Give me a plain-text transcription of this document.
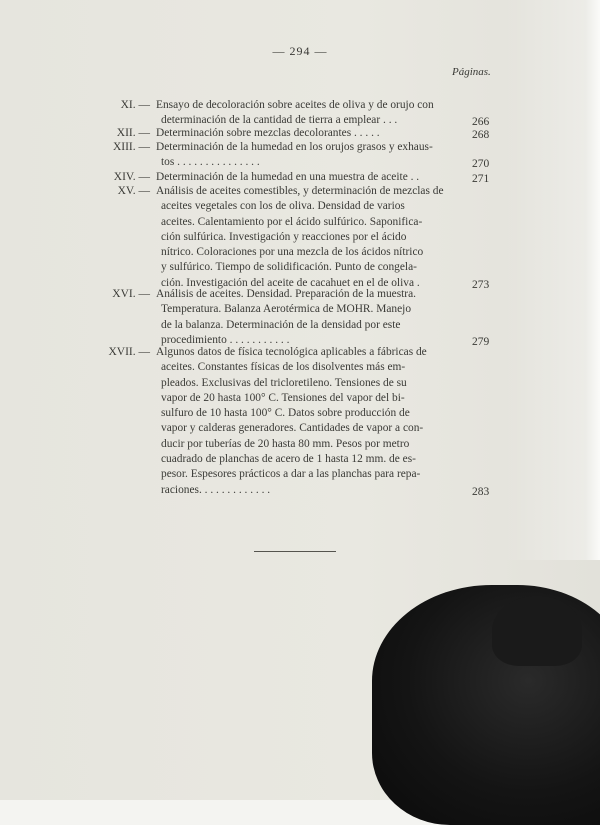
— 294 —
Páginas.
XI. — Ensayo de decoloración sobre aceites de oliva y de orujo con
determinación de la cantidad de tierra a emplear . . .	266
XII. — Determinación sobre mezclas decolorantes . . . . .	268
XIII. — Determinación de la humedad en los orujos grasos y exhaus-
tos . . . . . . . . . . . . . . .	270
XIV. — Determinación de la humedad en una muestra de aceite . .	271
XV. — Análisis de aceites comestibles, y determinación de mezclas de
aceites vegetales con los de oliva. Densidad de varios
aceites. Calentamiento por el ácido sulfúrico. Saponifica-
ción sulfúrica. Investigación y reacciones por el ácido
nítrico. Coloraciones por una mezcla de los ácidos nítrico
y sulfúrico. Tiempo de solidificación. Punto de congela-
ción. Investigación del aceite de cacahuet en el de oliva .	273
XVI. — Análisis de aceites. Densidad. Preparación de la muestra.
Temperatura. Balanza Aerotérmica de MOHR. Manejo
de la balanza. Determinación de la densidad por este
procedimiento . . . . . . . . . . .	279
XVII. — Algunos datos de física tecnológica aplicables a fábricas de
aceites. Constantes físicas de los disolventes más em-
pleados. Exclusivas del tricloretileno. Tensiones de su
vapor de 20 hasta 100° C. Tensiones del vapor del bi-
sulfuro de 10 hasta 100° C. Datos sobre producción de
vapor y calderas generadores. Cantidades de vapor a con-
ducir por tuberías de 20 hasta 80 mm. Pesos por metro
cuadrado de planchas de acero de 1 hasta 12 mm. de es-
pesor. Espesores prácticos a dar a las planchas para repa-
raciones. . . . . . . . . . . . .	283
